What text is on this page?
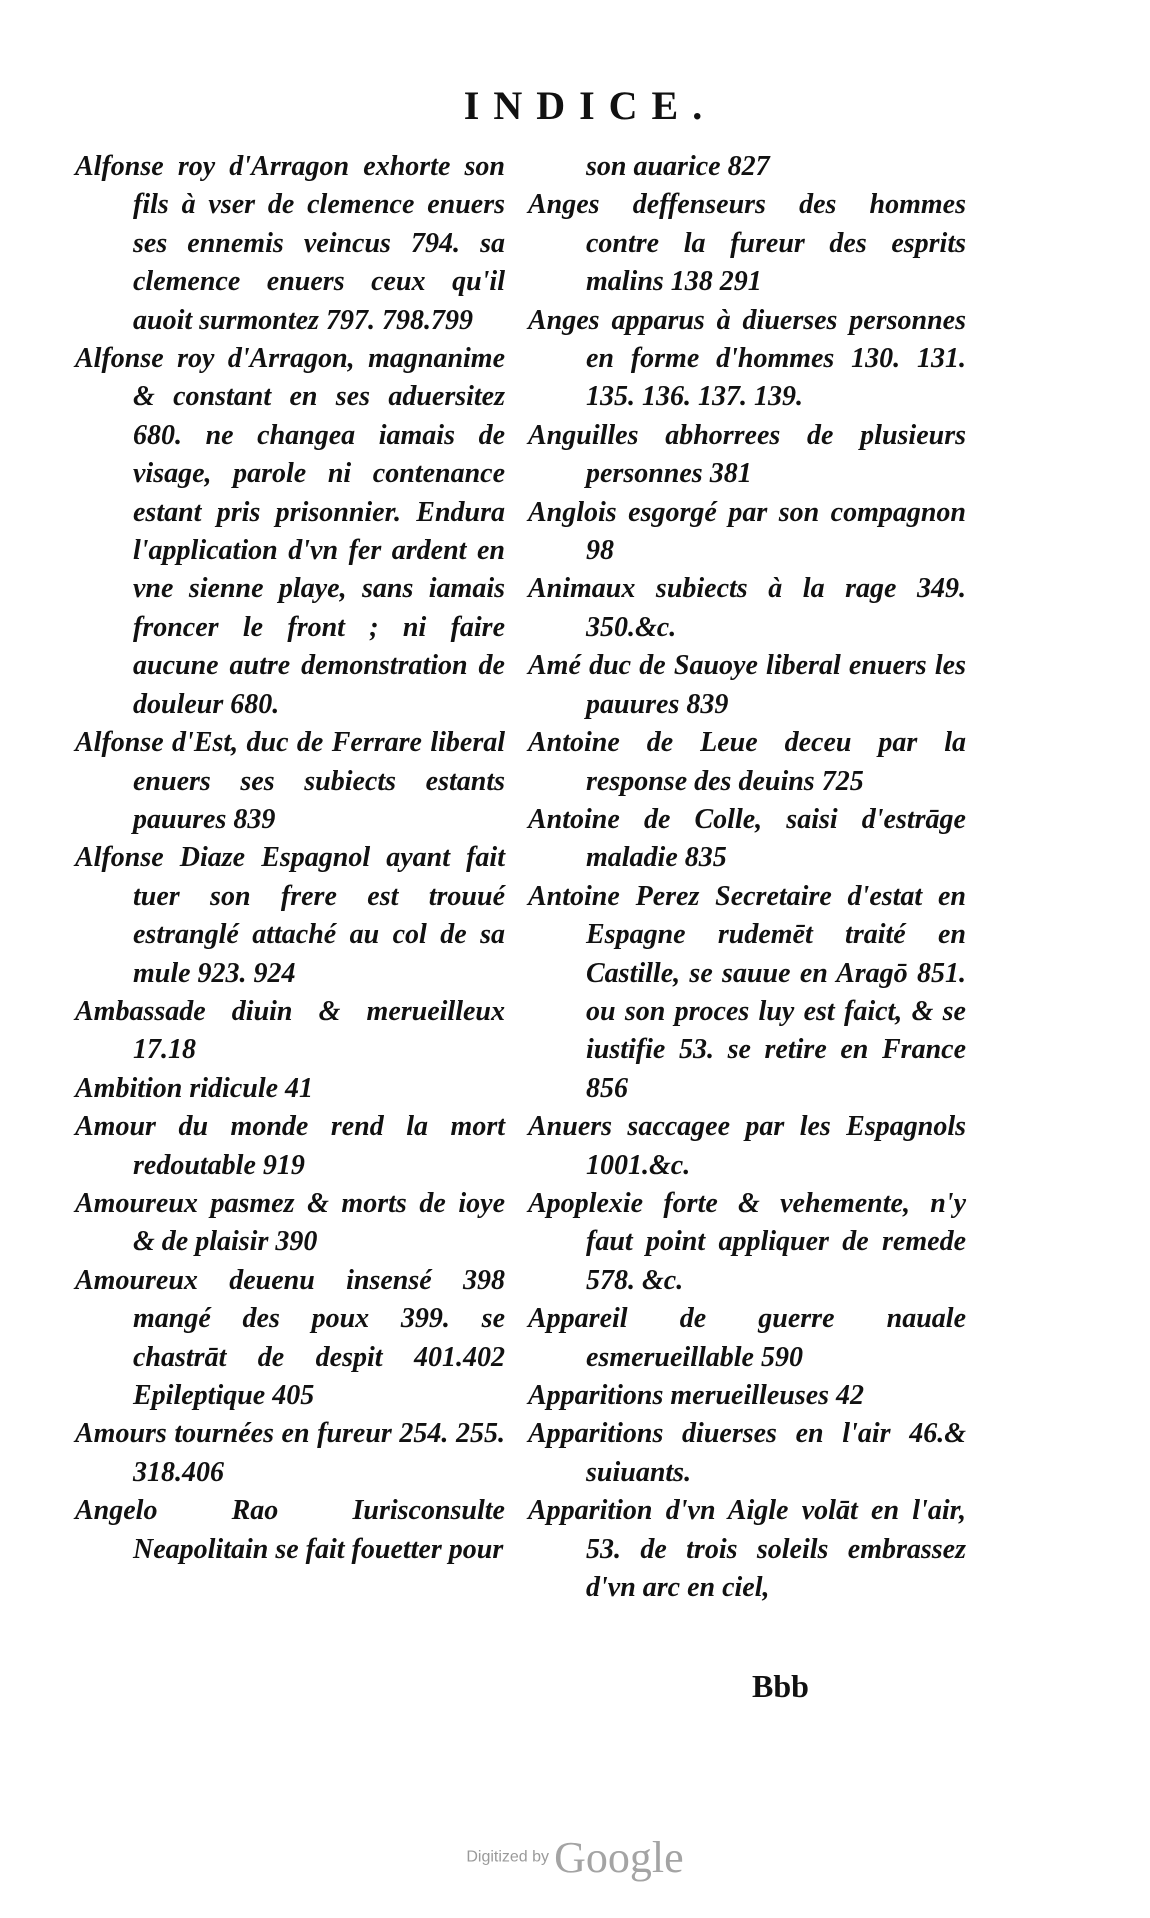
INDICE.

Alfonse roy d'Arragon exhorte son fils à vser de clemence enuers ses ennemis veincus 794. sa clemence enuers ceux qu'il auoit surmontez 797. 798.799

Alfonse roy d'Arragon, magnanime & constant en ses aduersitez 680. ne changea iamais de visage, parole ni contenance estant pris prisonnier. Endura l'application d'vn fer ardent en vne sienne playe, sans iamais froncer le front ; ni faire aucune autre demonstration de douleur 680.

Alfonse d'Est, duc de Ferrare liberal enuers ses subiects estants pauures 839

Alfonse Diaze Espagnol ayant fait tuer son frere est trouué estranglé attaché au col de sa mule 923. 924

Ambassade diuin & merueilleux 17.18

Ambition ridicule 41

Amour du monde rend la mort redoutable 919

Amoureux pasmez & morts de ioye & de plaisir 390

Amoureux deuenu insensé 398 mangé des poux 399. se chastrāt de despit 401.402 Epileptique 405

Amours tournées en fureur 254. 255. 318.406

Angelo Rao Iurisconsulte Neapolitain se fait fouetter pour

son auarice 827

Anges deffenseurs des hommes contre la fureur des esprits malins 138 291

Anges apparus à diuerses personnes en forme d'hommes 130. 131. 135. 136. 137. 139.

Anguilles abhorrees de plusieurs personnes 381

Anglois esgorgé par son compagnon 98

Animaux subiects à la rage 349. 350.&c.

Amé duc de Sauoye liberal enuers les pauures 839

Antoine de Leue deceu par la response des deuins 725

Antoine de Colle, saisi d'estrāge maladie 835

Antoine Perez Secretaire d'estat en Espagne rudemēt traité en Castille, se sauue en Aragō 851. ou son proces luy est faict, & se iustifie 53. se retire en France 856

Anuers saccagee par les Espagnols 1001.&c.

Apoplexie forte & vehemente, n'y faut point appliquer de remede 578. &c.

Appareil de guerre nauale esmerueillable 590

Apparitions merueilleuses 42

Apparitions diuerses en l'air 46.& suiuants.

Apparition d'vn Aigle volāt en l'air, 53. de trois soleils embrassez d'vn arc en ciel,

Bbb
Digitized by Google
